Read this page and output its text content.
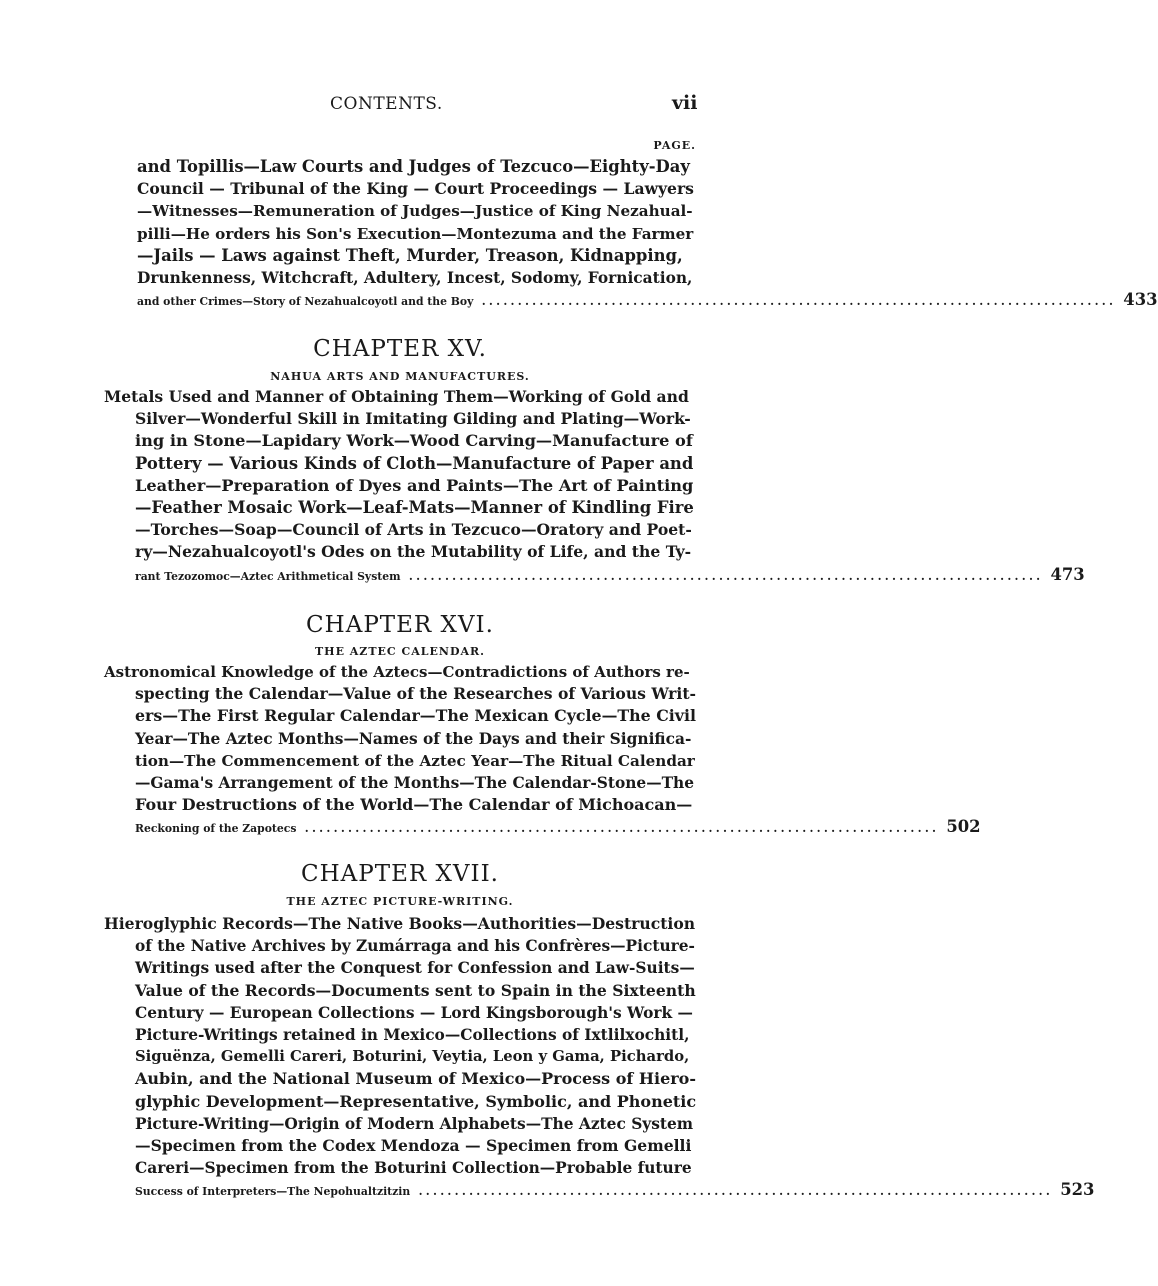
CONTENTS.	vii
PAGE.
and Topillis—Law Courts and Judges of Tezcuco—Eighty-Day
Council — Tribunal of the King — Court Proceedings — Lawyers
—Witnesses—Remuneration of Judges—Justice of King Nezahual-
pilli—He orders his Son's Execution—Montezuma and the Farmer
—Jails — Laws against Theft, Murder, Treason, Kidnapping,
Drunkenness, Witchcraft, Adultery, Incest, Sodomy, Fornication,
and other Crimes—Story of Nezahualcoyotl and the Boy ........................................................................................ 433
CHAPTER XV.
NAHUA ARTS AND MANUFACTURES.
Metals Used and Manner of Obtaining Them—Working of Gold and
Silver—Wonderful Skill in Imitating Gilding and Plating—Work-
ing in Stone—Lapidary Work—Wood Carving—Manufacture of
Pottery — Various Kinds of Cloth—Manufacture of Paper and
Leather—Preparation of Dyes and Paints—The Art of Painting
—Feather Mosaic Work—Leaf-Mats—Manner of Kindling Fire
—Torches—Soap—Council of Arts in Tezcuco—Oratory and Poet-
ry—Nezahualcoyotl's Odes on the Mutability of Life, and the Ty-
rant Tezozomoc—Aztec Arithmetical System ........................................................................................ 473
CHAPTER XVI.
THE AZTEC CALENDAR.
Astronomical Knowledge of the Aztecs—Contradictions of Authors re-
specting the Calendar—Value of the Researches of Various Writ-
ers—The First Regular Calendar—The Mexican Cycle—The Civil
Year—The Aztec Months—Names of the Days and their Significa-
tion—The Commencement of the Aztec Year—The Ritual Calendar
—Gama's Arrangement of the Months—The Calendar-Stone—The
Four Destructions of the World—The Calendar of Michoacan—
Reckoning of the Zapotecs ........................................................................................ 502
CHAPTER XVII.
THE AZTEC PICTURE-WRITING.
Hieroglyphic Records—The Native Books—Authorities—Destruction
of the Native Archives by Zumárraga and his Confrères—Picture-
Writings used after the Conquest for Confession and Law-Suits—
Value of the Records—Documents sent to Spain in the Sixteenth
Century — European Collections — Lord Kingsborough's Work —
Picture-Writings retained in Mexico—Collections of Ixtlilxochitl,
Siguënza, Gemelli Careri, Boturini, Veytia, Leon y Gama, Pichardo,
Aubin, and the National Museum of Mexico—Process of Hiero-
glyphic Development—Representative, Symbolic, and Phonetic
Picture-Writing—Origin of Modern Alphabets—The Aztec System
—Specimen from the Codex Mendoza — Specimen from Gemelli
Careri—Specimen from the Boturini Collection—Probable future
Success of Interpreters—The Nepohualtzitzin ........................................................................................ 523
